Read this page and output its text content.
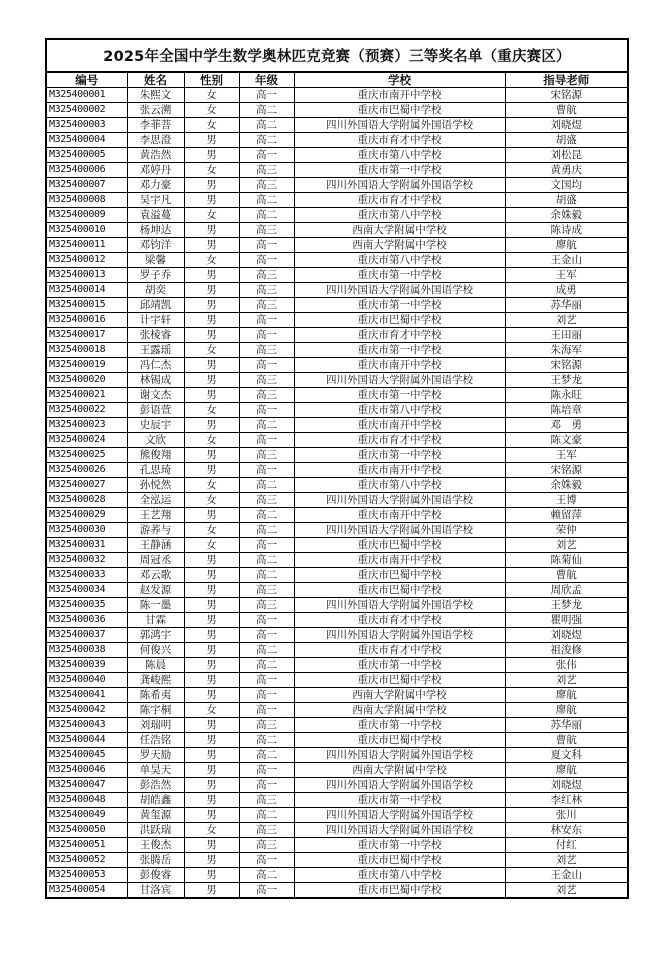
2025年全国中学生数学奥林匹克竞赛（预赛）三等奖名单（重庆赛区）					
编号	姓名	性别	年级	学校	指导老师
M325400001	朱熙文	女	高一	重庆市南开中学校	宋铭源
M325400002	张云溯	女	高二	重庆市巴蜀中学校	曹航
M325400003	李菲菩	女	高二	四川外国语大学附属外国语学校	刘晓煜
M325400004	李思澄	男	高二	重庆市育才中学校	胡盛
M325400005	黄浩然	男	高一	重庆市第八中学校	刘松昆
M325400006	邓婷丹	女	高三	重庆市第一中学校	黄勇庆
M325400007	邓力豪	男	高三	四川外国语大学附属外国语学校	文国均
M325400008	吴宇凡	男	高二	重庆市育才中学校	胡盛
M325400009	袁溢蔓	女	高二	重庆市第八中学校	余姝毅
M325400010	杨坤达	男	高三	西南大学附属中学校	陈诗成
M325400011	邓钧洋	男	高一	西南大学附属中学校	廖航
M325400012	梁馨	女	高一	重庆市第八中学校	王金山
M325400013	罗子乔	男	高三	重庆市第一中学校	王军
M325400014	胡奕	男	高三	四川外国语大学附属外国语学校	成勇
M325400015	邱靖凯	男	高三	重庆市第一中学校	苏华丽
M325400016	计宇轩	男	高一	重庆市巴蜀中学校	刘艺
M325400017	张棱睿	男	高一	重庆市育才中学校	王田丽
M325400018	王露瑶	女	高三	重庆市第一中学校	朱海军
M325400019	冯仁杰	男	高一	重庆市南开中学校	宋铭源
M325400020	林锡成	男	高三	四川外国语大学附属外国语学校	王梦龙
M325400021	谢文杰	男	高三	重庆市第一中学校	陈永旺
M325400022	彭语萱	女	高一	重庆市第八中学校	陈培章
M325400023	史辰宇	男	高二	重庆市南开中学校	邓　勇
M325400024	文欣	女	高一	重庆市育才中学校	陈文豪
M325400025	熊俊翔	男	高三	重庆市第一中学校	王军
M325400026	孔思琦	男	高一	重庆市南开中学校	宋铭源
M325400027	孙悦然	女	高二	重庆市第八中学校	余姝毅
M325400028	全泓运	女	高三	四川外国语大学附属外国语学校	王博
M325400029	王艺翔	男	高二	重庆市南开中学校	赖留萍
M325400030	游荞与	女	高二	四川外国语大学附属外国语学校	荣仲
M325400031	王静涵	女	高一	重庆市巴蜀中学校	刘艺
M325400032	周冠丞	男	高二	重庆市南开中学校	陈菊仙
M325400033	邓云歌	男	高二	重庆市巴蜀中学校	曹航
M325400034	赵发源	男	高三	重庆市巴蜀中学校	周欣孟
M325400035	陈一墨	男	高三	四川外国语大学附属外国语学校	王梦龙
M325400036	甘霖	男	高一	重庆市育才中学校	瞿明强
M325400037	郭鸿宇	男	高一	四川外国语大学附属外国语学校	刘晓煜
M325400038	何俊兴	男	高二	重庆市育才中学校	祖浚修
M325400039	陈晨	男	高二	重庆市第一中学校	张伟
M325400040	龚峻熙	男	高一	重庆市巴蜀中学校	刘艺
M325400041	陈希夷	男	高一	西南大学附属中学校	廖航
M325400042	陈宇桐	女	高一	西南大学附属中学校	廖航
M325400043	刘瑞明	男	高三	重庆市第一中学校	苏华丽
M325400044	任浩铭	男	高二	重庆市巴蜀中学校	曹航
M325400045	罗天励	男	高二	四川外国语大学附属外国语学校	夏文科
M325400046	单昊天	男	高一	西南大学附属中学校	廖航
M325400047	彭浩然	男	高一	四川外国语大学附属外国语学校	刘晓煜
M325400048	胡皓鑫	男	高三	重庆市第一中学校	李红林
M325400049	黄玺源	男	高二	四川外国语大学附属外国语学校	张川
M325400050	洪跃瑞	女	高三	四川外国语大学附属外国语学校	林安东
M325400051	王俊杰	男	高三	重庆市第一中学校	付红
M325400052	张腾岳	男	高一	重庆市巴蜀中学校	刘艺
M325400053	彭俊睿	男	高二	重庆市第八中学校	王金山
M325400054	甘洛宾	男	高一	重庆市巴蜀中学校	刘艺
